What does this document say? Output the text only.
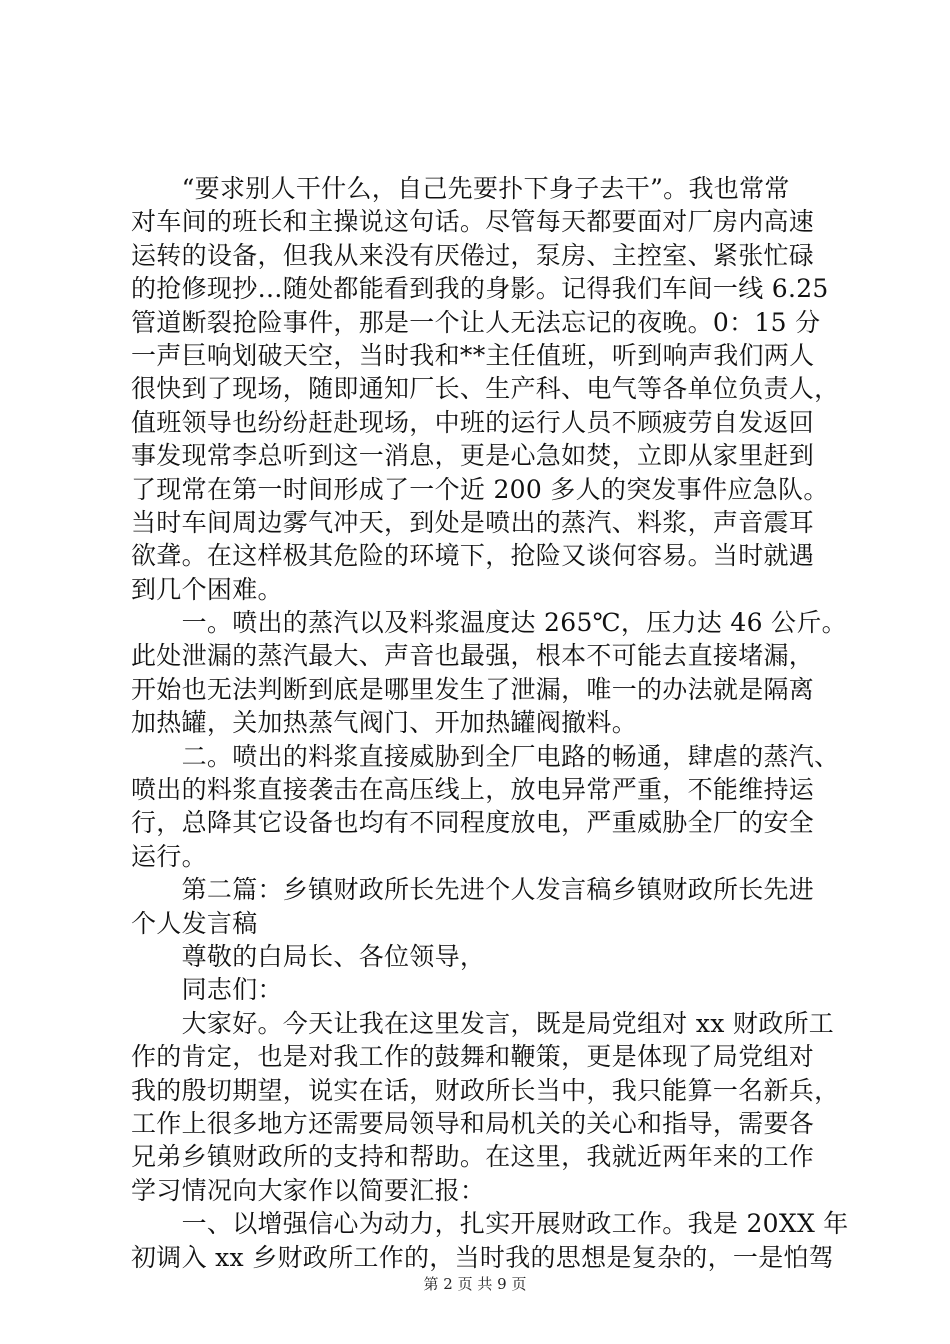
　　“要求别人干什么，自己先要扑下身子去干”。我也常常
对车间的班长和主操说这句话。尽管每天都要面对厂房内高速
运转的设备，但我从来没有厌倦过，泵房、主控室、紧张忙碌
的抢修现抄…随处都能看到我的身影。记得我们车间一线 6.25
管道断裂抢险事件，那是一个让人无法忘记的夜晚。0：15 分
一声巨响划破天空，当时我和**主任值班，听到响声我们两人
很快到了现场，随即通知厂长、生产科、电气等各单位负责人，
值班领导也纷纷赶赴现场，中班的运行人员不顾疲劳自发返回
事发现常李总听到这一消息，更是心急如焚，立即从家里赶到
了现常在第一时间形成了一个近 200 多人的突发事件应急队。
当时车间周边雾气冲天，到处是喷出的蒸汽、料浆，声音震耳
欲聋。在这样极其危险的环境下，抢险又谈何容易。当时就遇
到几个困难。
　　一。喷出的蒸汽以及料浆温度达 265℃，压力达 46 公斤。
此处泄漏的蒸汽最大、声音也最强，根本不可能去直接堵漏，
开始也无法判断到底是哪里发生了泄漏，唯一的办法就是隔离
加热罐，关加热蒸气阀门、开加热罐阀撤料。
　　二。喷出的料浆直接威胁到全厂电路的畅通，肆虐的蒸汽、
喷出的料浆直接袭击在高压线上，放电异常严重，不能维持运
行，总降其它设备也均有不同程度放电，严重威胁全厂的安全
运行。
　　第二篇：乡镇财政所长先进个人发言稿乡镇财政所长先进
个人发言稿
　　尊敬的白局长、各位领导，
　　同志们：
　　大家好。今天让我在这里发言，既是局党组对 xx 财政所工
作的肯定，也是对我工作的鼓舞和鞭策，更是体现了局党组对
我的殷切期望，说实在话，财政所长当中，我只能算一名新兵，
工作上很多地方还需要局领导和局机关的关心和指导，需要各
兄弟乡镇财政所的支持和帮助。在这里，我就近两年来的工作
学习情况向大家作以简要汇报：
　　一、以增强信心为动力，扎实开展财政工作。我是 20XX 年
初调入 xx 乡财政所工作的，当时我的思想是复杂的，一是怕驾
第 2 页 共 9 页
